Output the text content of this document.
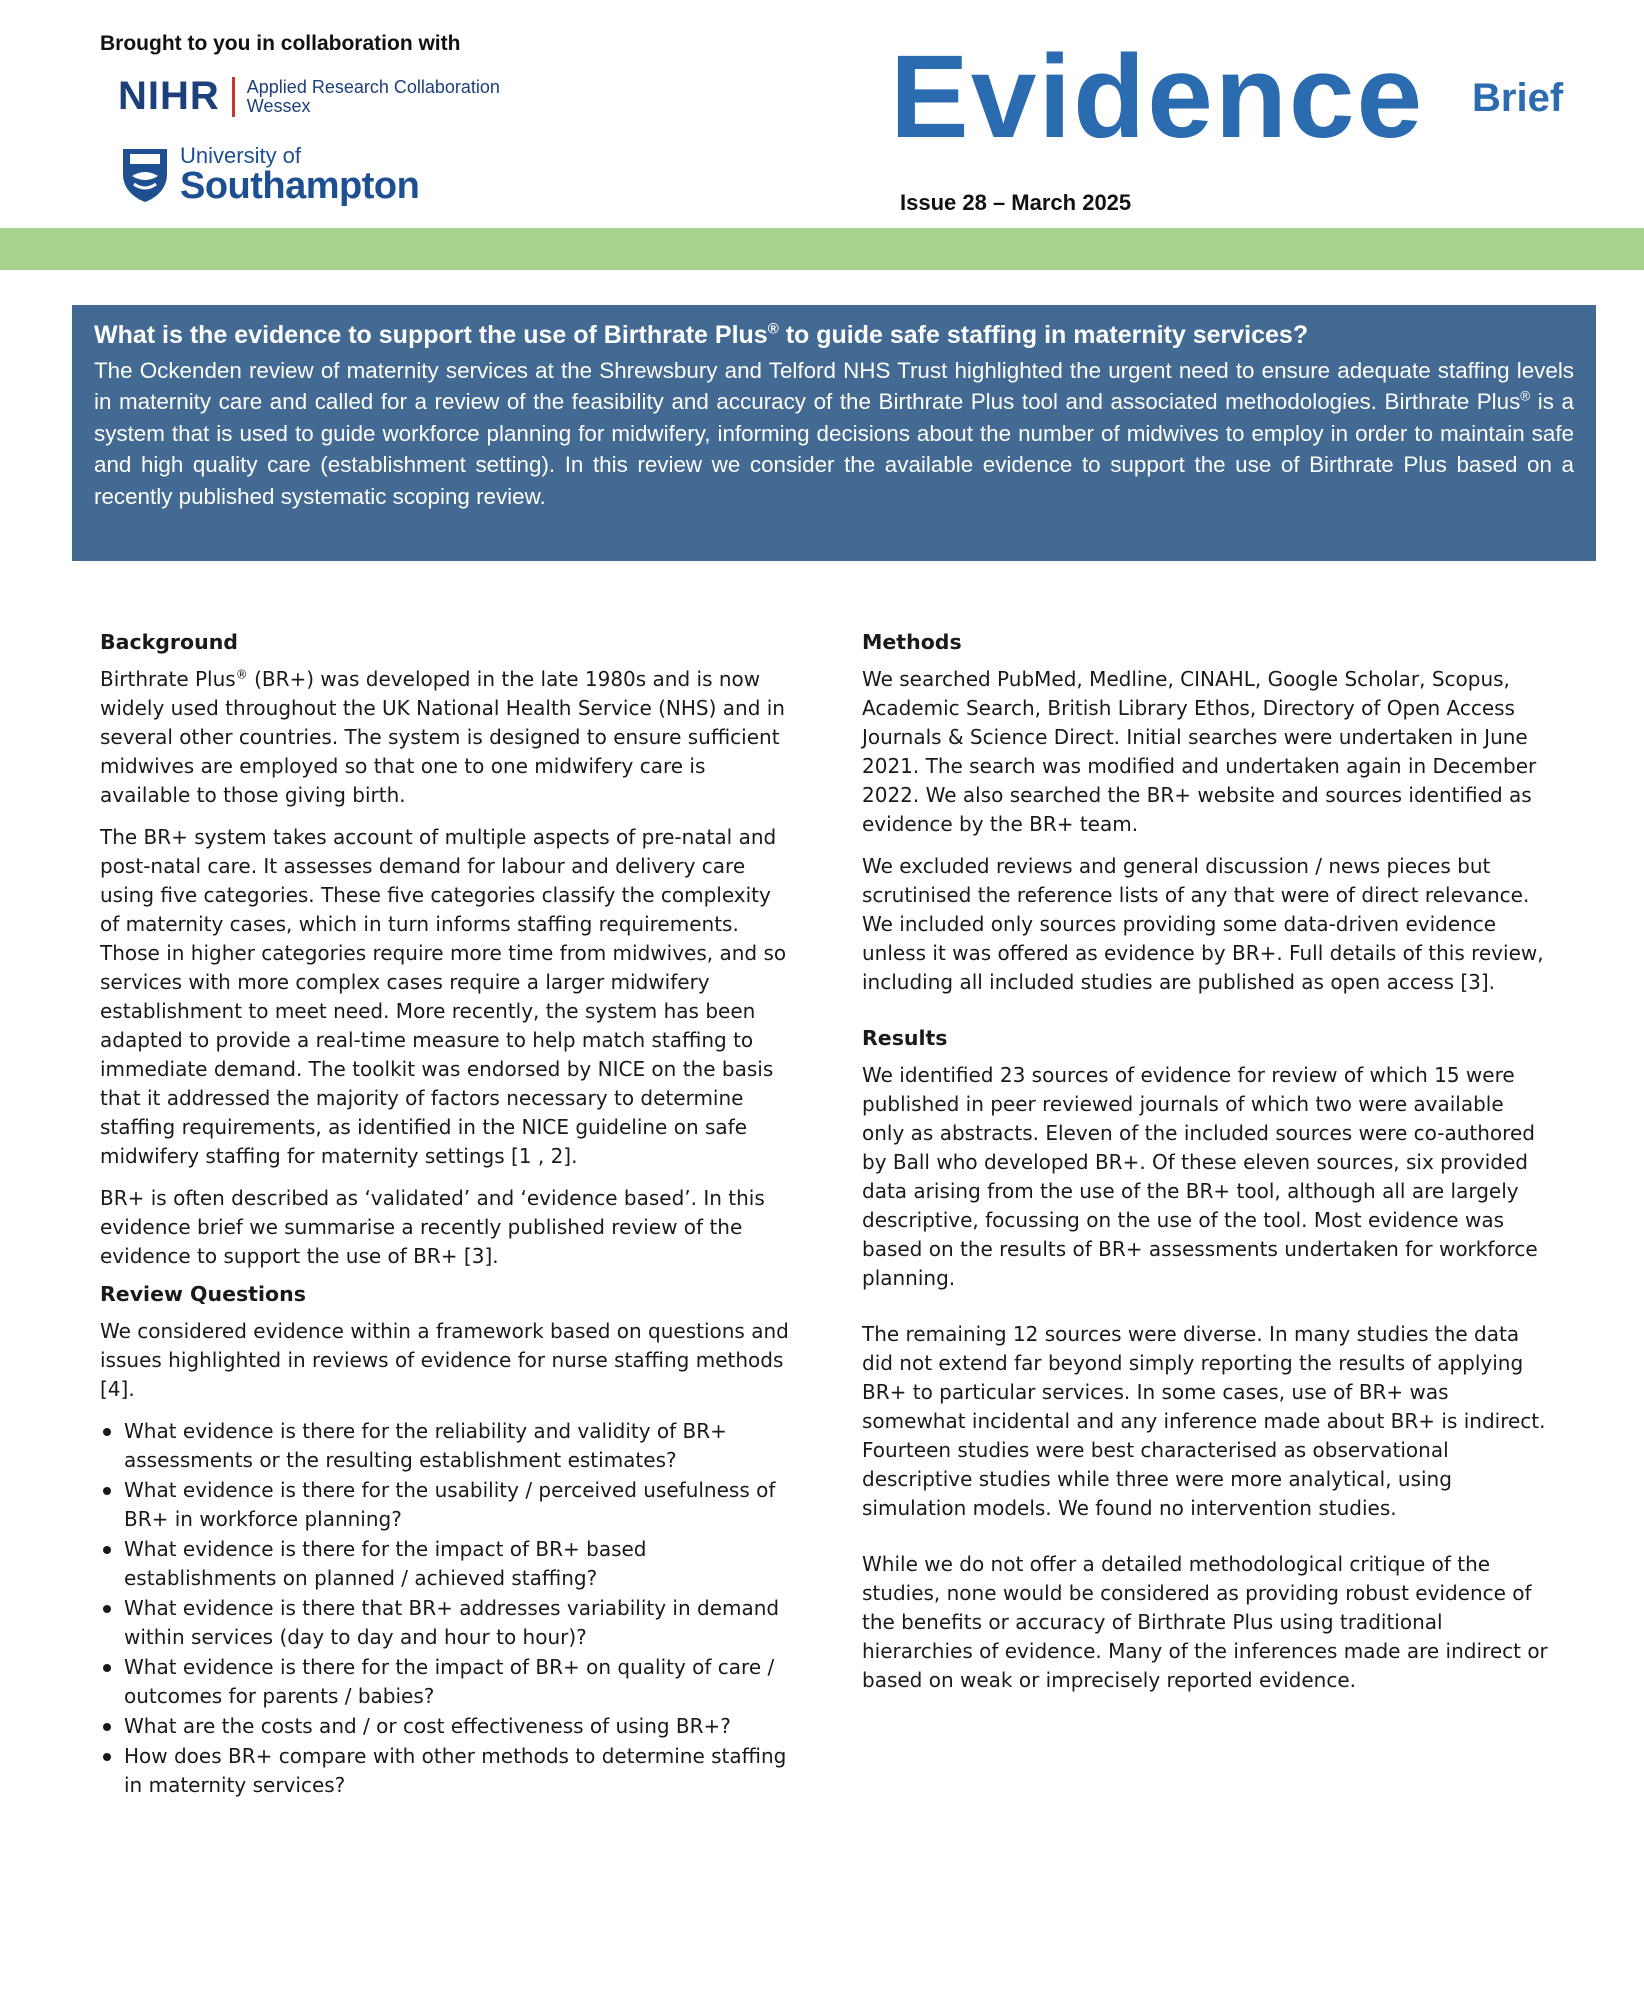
Brought to you in collaboration with
NIHR Applied Research Collaboration
Wessex
University of
Southampton
Evidence Brief
Issue 28 – March 2025
What is the evidence to support the use of Birthrate Plus® to guide safe staffing in maternity services?
The Ockenden review of maternity services at the Shrewsbury and Telford NHS Trust highlighted the urgent need to ensure adequate staffing levels in maternity care and called for a review of the feasibility and accuracy of the Birthrate Plus tool and associated methodologies. Birthrate Plus® is a system that is used to guide workforce planning for midwifery, informing decisions about the number of midwives to employ in order to maintain safe and high quality care (establishment setting). In this review we consider the available evidence to support the use of Birthrate Plus based on a recently published systematic scoping review.
Background
Birthrate Plus® (BR+) was developed in the late 1980s and is now widely used throughout the UK National Health Service (NHS) and in several other countries. The system is designed to ensure sufficient midwives are employed so that one to one midwifery care is available to those giving birth.
The BR+ system takes account of multiple aspects of pre-natal and post-natal care. It assesses demand for labour and delivery care using five categories. These five categories classify the complexity of maternity cases, which in turn informs staffing requirements. Those in higher categories require more time from midwives, and so services with more complex cases require a larger midwifery establishment to meet need. More recently, the system has been adapted to provide a real-time measure to help match staffing to immediate demand. The toolkit was endorsed by NICE on the basis that it addressed the majority of factors necessary to determine staffing requirements, as identified in the NICE guideline on safe midwifery staffing for maternity settings [1 , 2].
BR+ is often described as ‘validated’ and ‘evidence based’. In this evidence brief we summarise a recently published review of the evidence to support the use of BR+ [3].
Review Questions
We considered evidence within a framework based on questions and issues highlighted in reviews of evidence for nurse staffing methods [4].
What evidence is there for the reliability and validity of BR+ assessments or the resulting establishment estimates?
What evidence is there for the usability / perceived usefulness of BR+ in workforce planning?
What evidence is there for the impact of BR+ based establishments on planned / achieved staffing?
What evidence is there that BR+ addresses variability in demand within services (day to day and hour to hour)?
What evidence is there for the impact of BR+ on quality of care / outcomes for parents / babies?
What are the costs and / or cost effectiveness of using BR+?
How does BR+ compare with other methods to determine staffing in maternity services?
Methods
We searched PubMed, Medline, CINAHL, Google Scholar, Scopus, Academic Search, British Library Ethos, Directory of Open Access Journals & Science Direct. Initial searches were undertaken in June 2021. The search was modified and undertaken again in December 2022. We also searched the BR+ website and sources identified as evidence by the BR+ team.
We excluded reviews and general discussion / news pieces but scrutinised the reference lists of any that were of direct relevance. We included only sources providing some data-driven evidence unless it was offered as evidence by BR+. Full details of this review, including all included studies are published as open access [3].
Results
We identified 23 sources of evidence for review of which 15 were published in peer reviewed journals of which two were available only as abstracts. Eleven of the included sources were co-authored by Ball who developed BR+. Of these eleven sources, six provided data arising from the use of the BR+ tool, although all are largely descriptive, focussing on the use of the tool. Most evidence was based on the results of BR+ assessments undertaken for workforce planning.
The remaining 12 sources were diverse. In many studies the data did not extend far beyond simply reporting the results of applying BR+ to particular services. In some cases, use of BR+ was somewhat incidental and any inference made about BR+ is indirect. Fourteen studies were best characterised as observational descriptive studies while three were more analytical, using simulation models. We found no intervention studies.
While we do not offer a detailed methodological critique of the studies, none would be considered as providing robust evidence of the benefits or accuracy of Birthrate Plus using traditional hierarchies of evidence. Many of the inferences made are indirect or based on weak or imprecisely reported evidence.
